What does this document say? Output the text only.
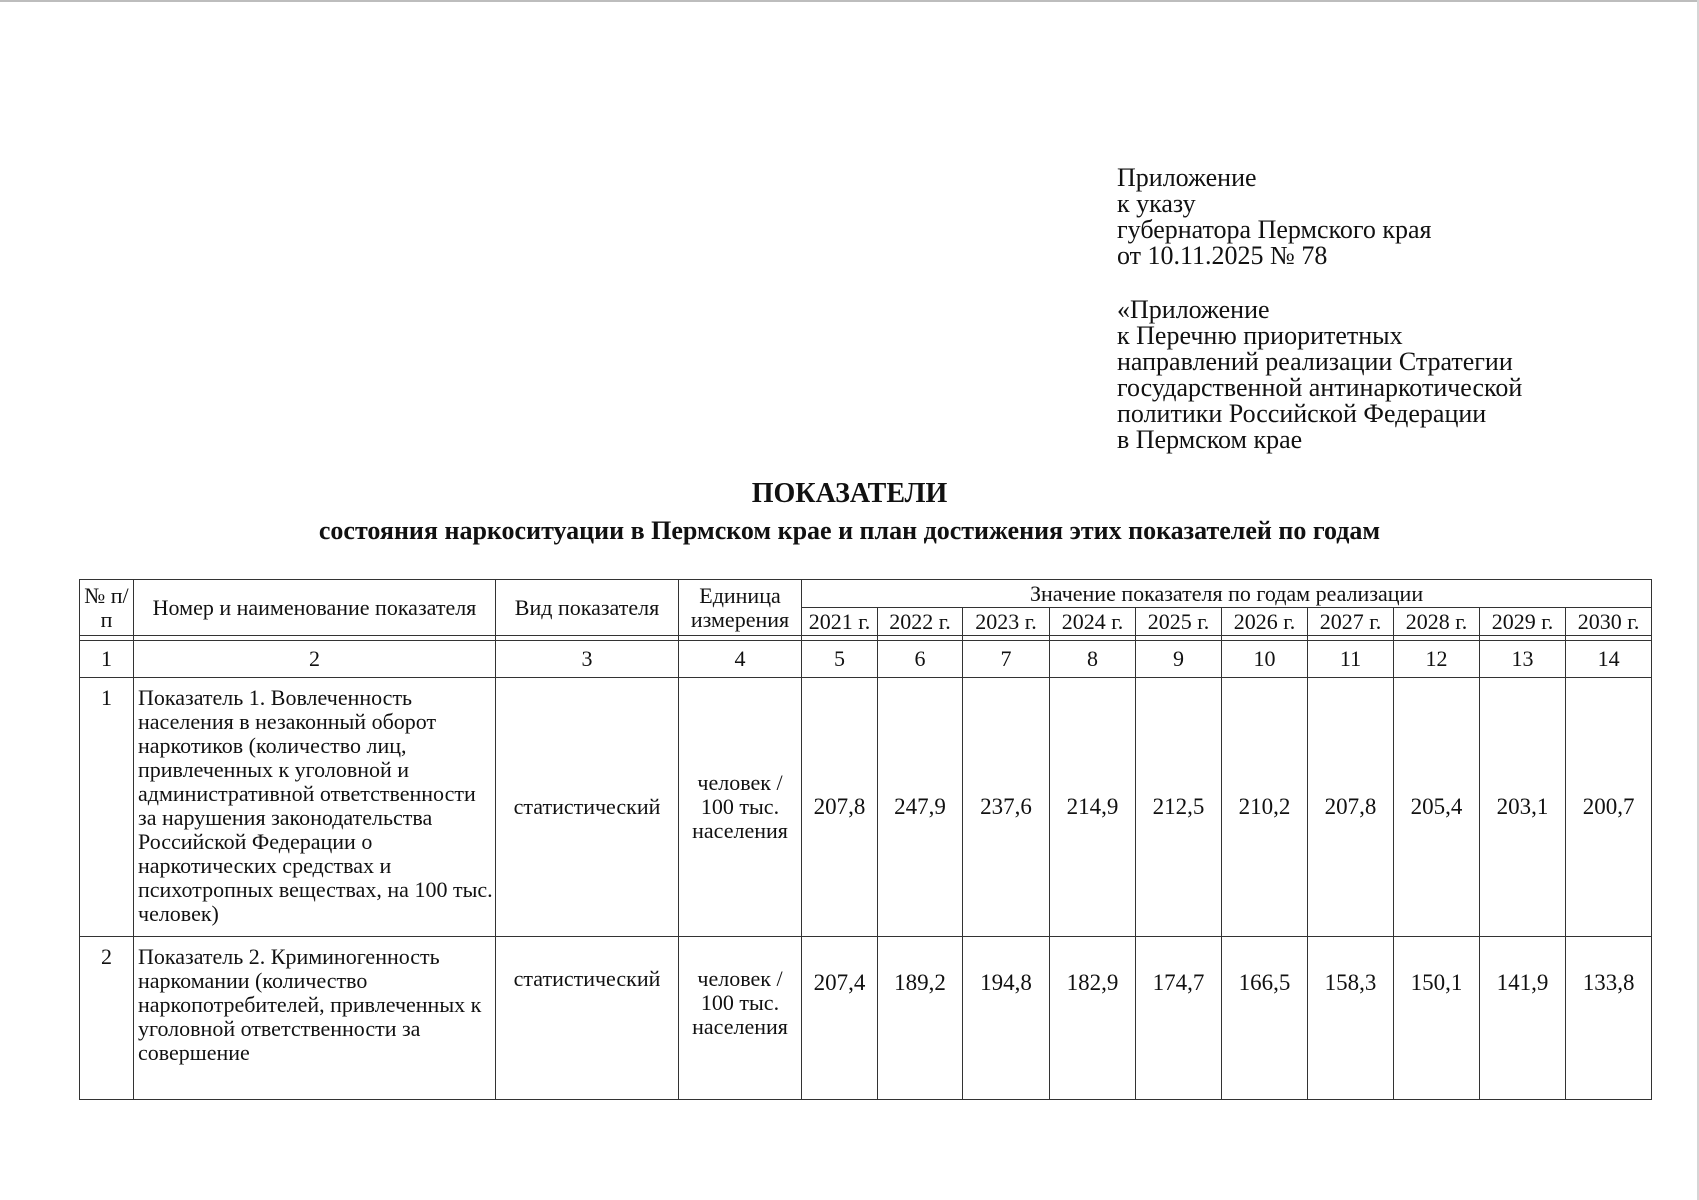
Приложение
к указу
губернатора Пермского края
от 10.11.2025 № 78
«Приложение
к Перечню приоритетных
направлений реализации Стратегии
государственной антинаркотической
политики Российской Федерации
в Пермском крае
ПОКАЗАТЕЛИ
состояния наркоситуации в Пермском крае и план достижения этих показателей по годам
№ п/п	Номер и наименование показателя	Вид показателя	Единица измерения	Значение показателя по годам реализации									
				2021 г.	2022 г.	2023 г.	2024 г.	2025 г.	2026 г.	2027 г.	2028 г.	2029 г.	2030 г.

1	2	3	4	5	6	7	8	9	10	11	12	13	14
1	Показатель 1. Вовлеченность населения в незаконный оборот наркотиков (количество лиц, привлеченных к уголовной и административной ответственности за нарушения законодательства Российской Федерации о наркотических средствах и психотропных веществах, на 100 тыс. человек)	статистический	человек / 100 тыс. населения	207,8	247,9	237,6	214,9	212,5	210,2	207,8	205,4	203,1	200,7
2	Показатель 2. Криминогенность наркомании (количество наркопотребителей, привлеченных к уголовной ответственности за совершение	статистический	человек / 100 тыс. населения	207,4	189,2	194,8	182,9	174,7	166,5	158,3	150,1	141,9	133,8
